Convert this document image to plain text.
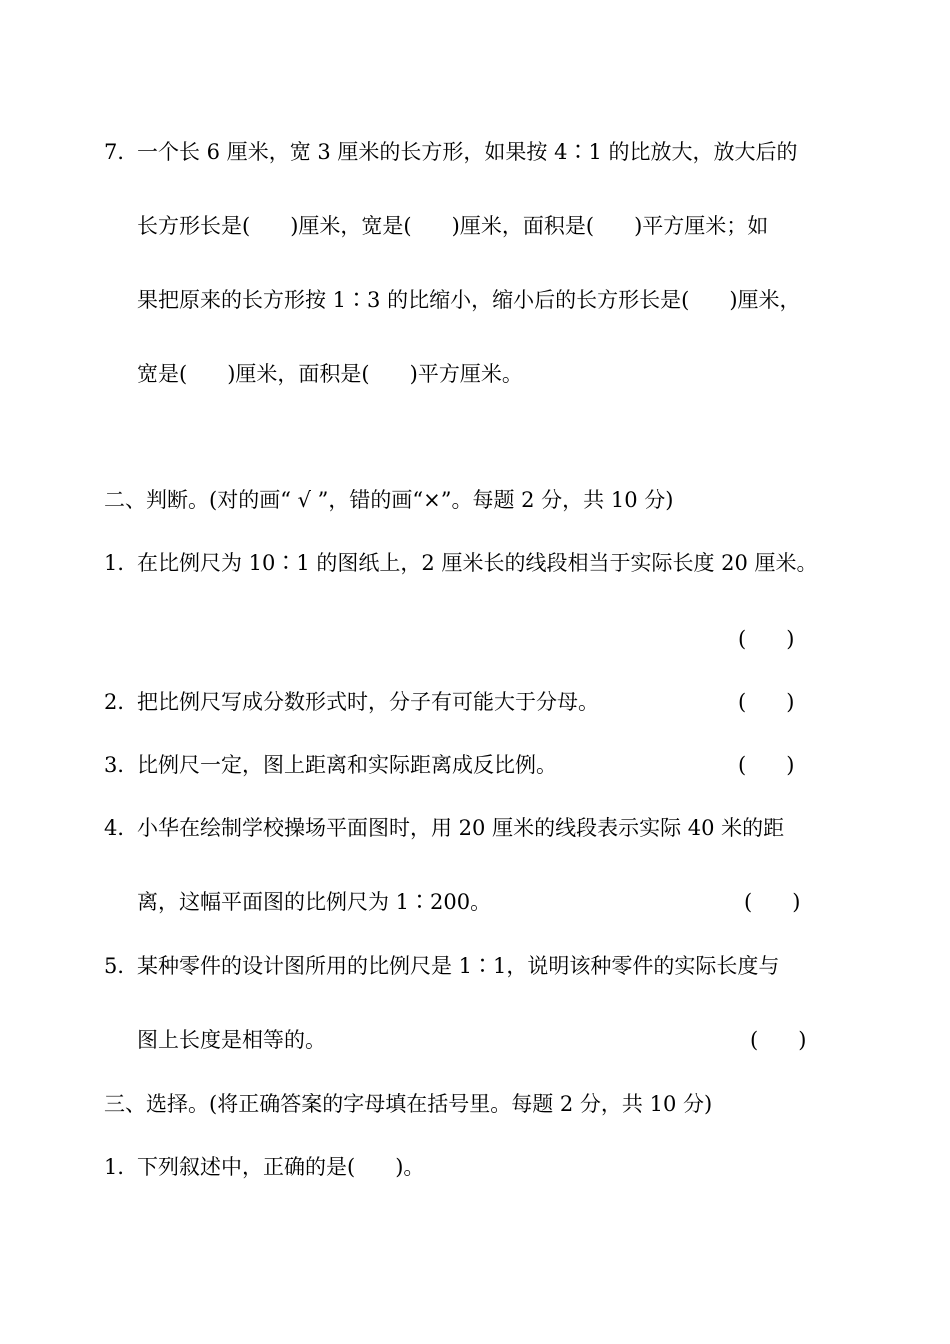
7．
一个长 6 厘米，宽 3 厘米的长方形，如果按 4∶1 的比放大，放大后的
长方形长是(      )厘米，宽是(      )厘米，面积是(      )平方厘米；如
果把原来的长方形按 1∶3 的比缩小，缩小后的长方形长是(      )厘米，
宽是(      )厘米，面积是(      )平方厘米。
二、判断。(对的画“ √ ”，错的画“×”。每题 2 分，共 10 分)
1．
在比例尺为 10∶1 的图纸上，2 厘米长的线段相当于实际长度 20 厘米。
(      )
2．
把比例尺写成分数形式时，分子有可能大于分母。	(      )
3．
比例尺一定，图上距离和实际距离成反比例。	(      )
4．
小华在绘制学校操场平面图时，用 20 厘米的线段表示实际 40 米的距
离，这幅平面图的比例尺为 1∶200。	(      )
5．
某种零件的设计图所用的比例尺是 1∶1，说明该种零件的实际长度与
图上长度是相等的。	(      )
三、选择。(将正确答案的字母填在括号里。每题 2 分，共 10 分)
1．
下列叙述中，正确的是(      )。
